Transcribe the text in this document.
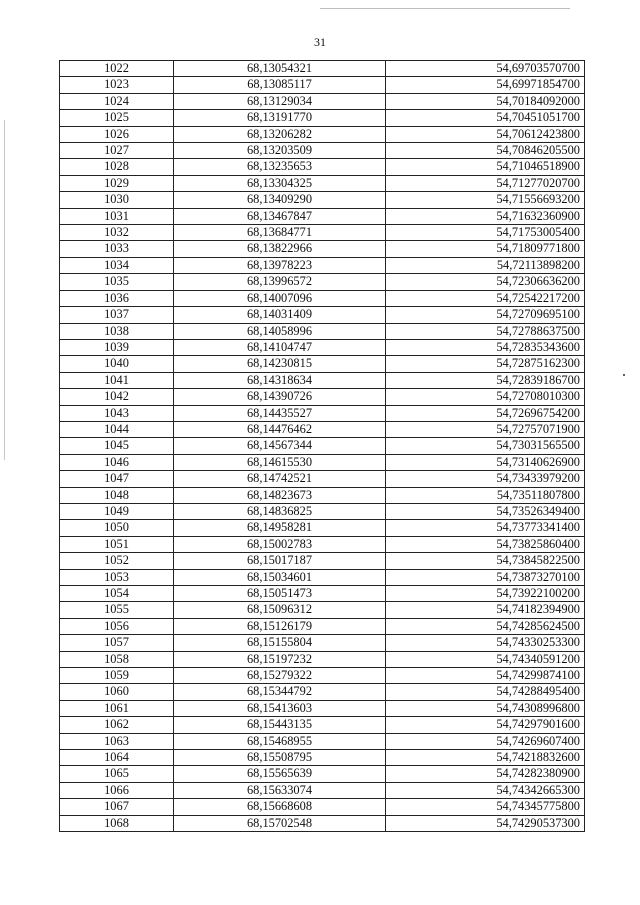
31
1022	68,13054321	54,69703570700
1023	68,13085117	54,69971854700
1024	68,13129034	54,70184092000
1025	68,13191770	54,70451051700
1026	68,13206282	54,70612423800
1027	68,13203509	54,70846205500
1028	68,13235653	54,71046518900
1029	68,13304325	54,71277020700
1030	68,13409290	54,71556693200
1031	68,13467847	54,71632360900
1032	68,13684771	54,71753005400
1033	68,13822966	54,71809771800
1034	68,13978223	54,72113898200
1035	68,13996572	54,72306636200
1036	68,14007096	54,72542217200
1037	68,14031409	54,72709695100
1038	68,14058996	54,72788637500
1039	68,14104747	54,72835343600
1040	68,14230815	54,72875162300
1041	68,14318634	54,72839186700
1042	68,14390726	54,72708010300
1043	68,14435527	54,72696754200
1044	68,14476462	54,72757071900
1045	68,14567344	54,73031565500
1046	68,14615530	54,73140626900
1047	68,14742521	54,73433979200
1048	68,14823673	54,73511807800
1049	68,14836825	54,73526349400
1050	68,14958281	54,73773341400
1051	68,15002783	54,73825860400
1052	68,15017187	54,73845822500
1053	68,15034601	54,73873270100
1054	68,15051473	54,73922100200
1055	68,15096312	54,74182394900
1056	68,15126179	54,74285624500
1057	68,15155804	54,74330253300
1058	68,15197232	54,74340591200
1059	68,15279322	54,74299874100
1060	68,15344792	54,74288495400
1061	68,15413603	54,74308996800
1062	68,15443135	54,74297901600
1063	68,15468955	54,74269607400
1064	68,15508795	54,74218832600
1065	68,15565639	54,74282380900
1066	68,15633074	54,74342665300
1067	68,15668608	54,74345775800
1068	68,15702548	54,74290537300
